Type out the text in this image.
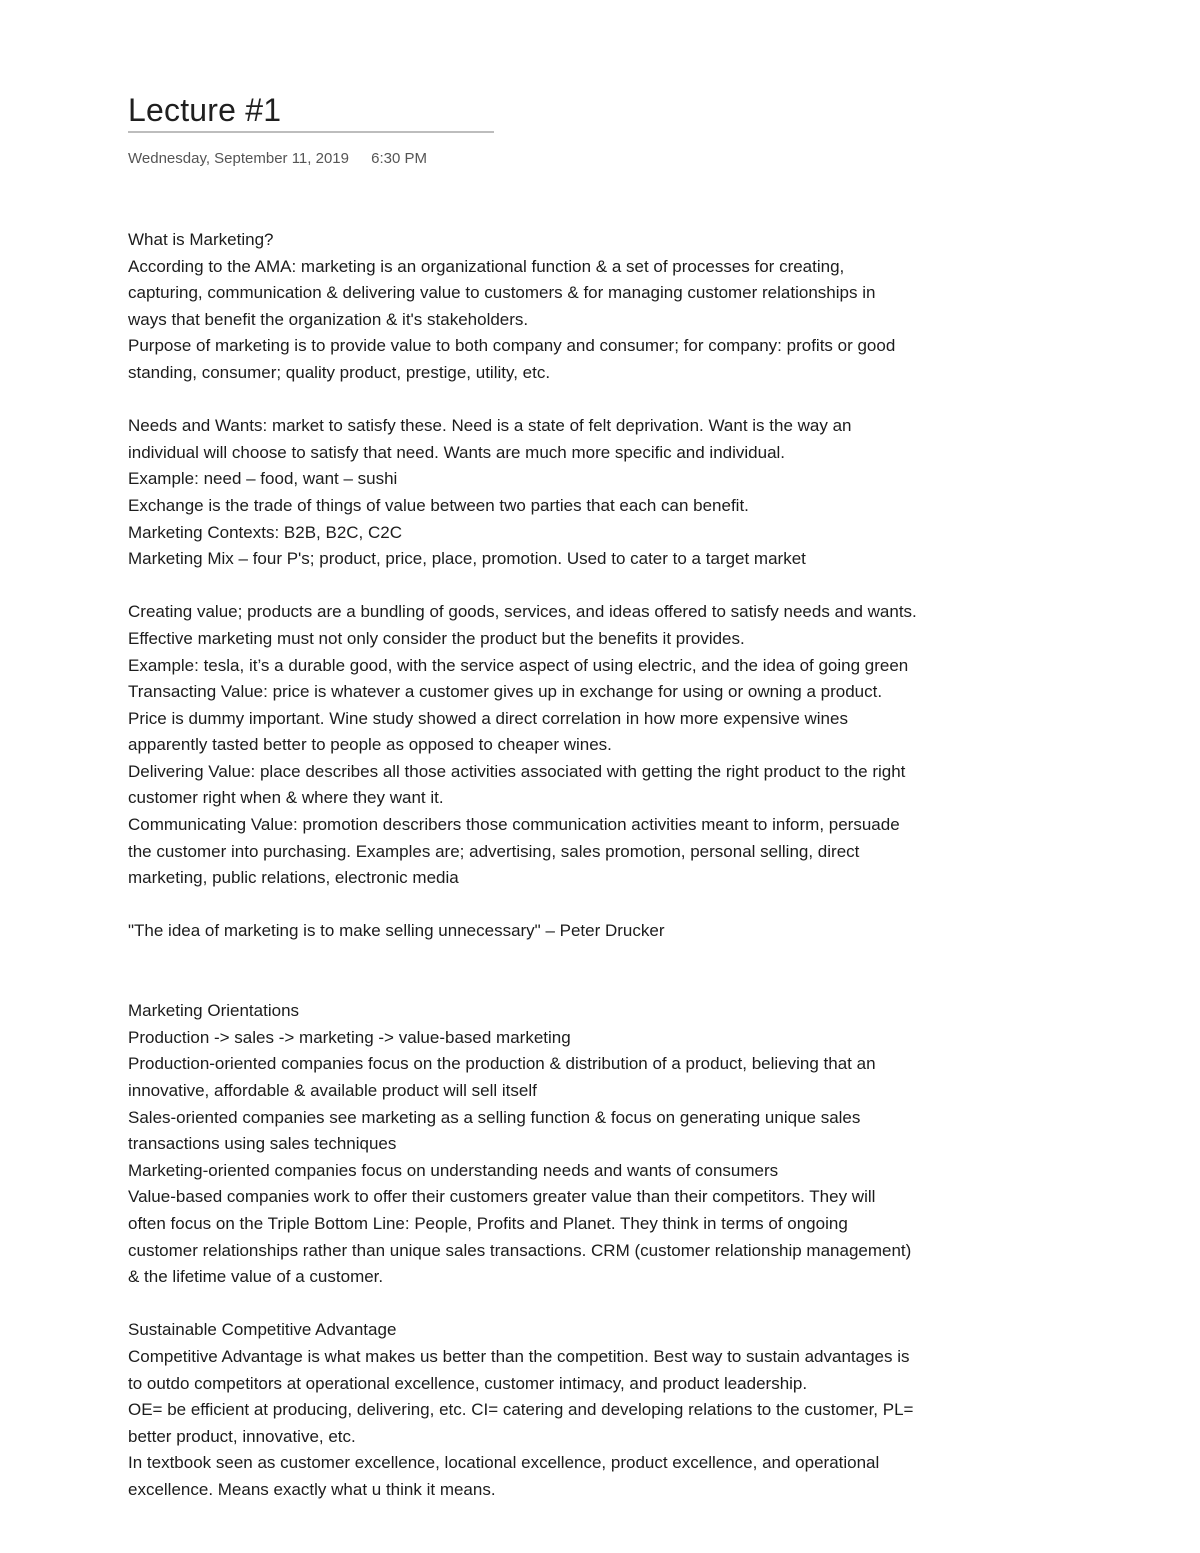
Lecture #1
Wednesday, September 11, 2019 6:30 PM
What is Marketing?
According to the AMA: marketing is an organizational function & a set of processes for creating,
capturing, communication & delivering value to customers & for managing customer relationships in
ways that benefit the organization & it's stakeholders.
Purpose of marketing is to provide value to both company and consumer; for company: profits or good
standing, consumer; quality product, prestige, utility, etc.
Needs and Wants: market to satisfy these. Need is a state of felt deprivation. Want is the way an
individual will choose to satisfy that need. Wants are much more specific and individual.
Example: need – food, want – sushi
Exchange is the trade of things of value between two parties that each can benefit.
Marketing Contexts: B2B, B2C, C2C
Marketing Mix – four P's; product, price, place, promotion. Used to cater to a target market
Creating value; products are a bundling of goods, services, and ideas offered to satisfy needs and wants.
Effective marketing must not only consider the product but the benefits it provides.
Example: tesla, it’s a durable good, with the service aspect of using electric, and the idea of going green
Transacting Value: price is whatever a customer gives up in exchange for using or owning a product.
Price is dummy important. Wine study showed a direct correlation in how more expensive wines
apparently tasted better to people as opposed to cheaper wines.
Delivering Value: place describes all those activities associated with getting the right product to the right
customer right when & where they want it.
Communicating Value: promotion describers those communication activities meant to inform, persuade
the customer into purchasing. Examples are; advertising, sales promotion, personal selling, direct
marketing, public relations, electronic media
"The idea of marketing is to make selling unnecessary" – Peter Drucker
Marketing Orientations
Production -> sales -> marketing -> value-based marketing
Production-oriented companies focus on the production & distribution of a product, believing that an
innovative, affordable & available product will sell itself
Sales-oriented companies see marketing as a selling function & focus on generating unique sales
transactions using sales techniques
Marketing-oriented companies focus on understanding needs and wants of consumers
Value-based companies work to offer their customers greater value than their competitors. They will
often focus on the Triple Bottom Line: People, Profits and Planet. They think in terms of ongoing
customer relationships rather than unique sales transactions. CRM (customer relationship management)
& the lifetime value of a customer.
Sustainable Competitive Advantage
Competitive Advantage is what makes us better than the competition. Best way to sustain advantages is
to outdo competitors at operational excellence, customer intimacy, and product leadership.
OE= be efficient at producing, delivering, etc. CI= catering and developing relations to the customer, PL=
better product, innovative, etc.
In textbook seen as customer excellence, locational excellence, product excellence, and operational
excellence. Means exactly what u think it means.
